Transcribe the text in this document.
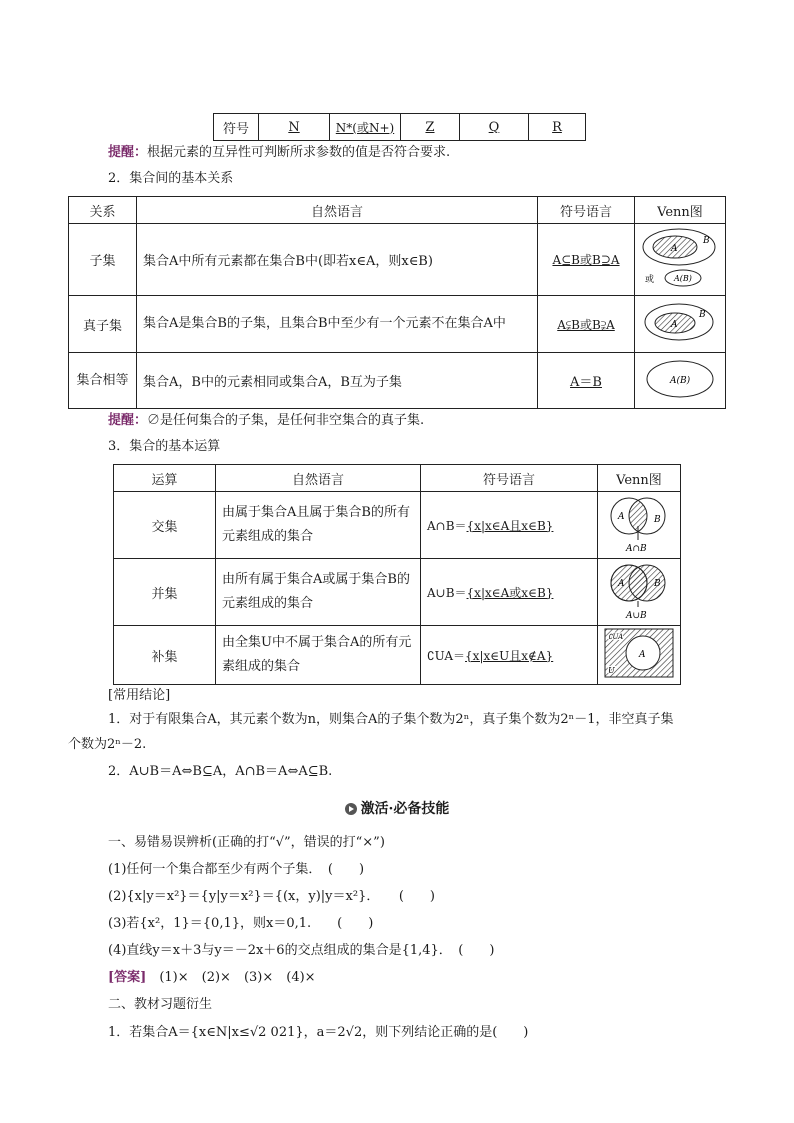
符号	N	N*(或N+)	Z	Q	R
提醒：根据元素的互异性可判断所求参数的值是否符合要求.
2．集合间的基本关系
关系	自然语言	符号语言	Venn图
子集	集合A中所有元素都在集合B中(即若x∈A，则x∈B)	A⊆B或B⊇A	A
B
或 A(B)

真子集	集合A是集合B的子集，且集合B中至少有一个元素不在集合A中	A⫋B或B⫌A	A
B

集合相等	集合A，B中的元素相同或集合A，B互为子集	A＝B	A(B)
提醒：∅是任何集合的子集，是任何非空集合的真子集.
3．集合的基本运算
运算	自然语言	符号语言	Venn图
交集	由属于集合A且属于集合B的所有元素组成的集合	A∩B＝{x|x∈A且x∈B}	A B
A∩B

并集	由所有属于集合A或属于集合B的元素组成的集合	A∪B＝{x|x∈A或x∈B}	A B
A∪B

补集	由全集U中不属于集合A的所有元素组成的集合	∁UA＝{x|x∈U且x∉A}	∁UA
A
U
[常用结论]
1．对于有限集合A，其元素个数为n，则集合A的子集个数为2ⁿ，真子集个数为2ⁿ－1，非空真子集
个数为2ⁿ－2.
2．A∪B＝A⇔B⊆A，A∩B＝A⇔A⊆B.
激活·必备技能
一、易错易误辨析(正确的打“√”，错误的打“×”)
(1)任何一个集合都至少有两个子集．　(　　)
(2){x|y＝x²}＝{y|y＝x²}＝{(x，y)|y＝x²}．　　(　　)
(3)若{x²，1}＝{0,1}，则x＝0,1.　　(　　)
(4)直线y＝x＋3与y＝－2x＋6的交点组成的集合是{1,4}．　(　　)
[答案]　 (1)×　(2)×　(3)×　(4)×
二、教材习题衍生
1．若集合A＝{x∈N|x≤√2 021}，a＝2√2，则下列结论正确的是(　　)
